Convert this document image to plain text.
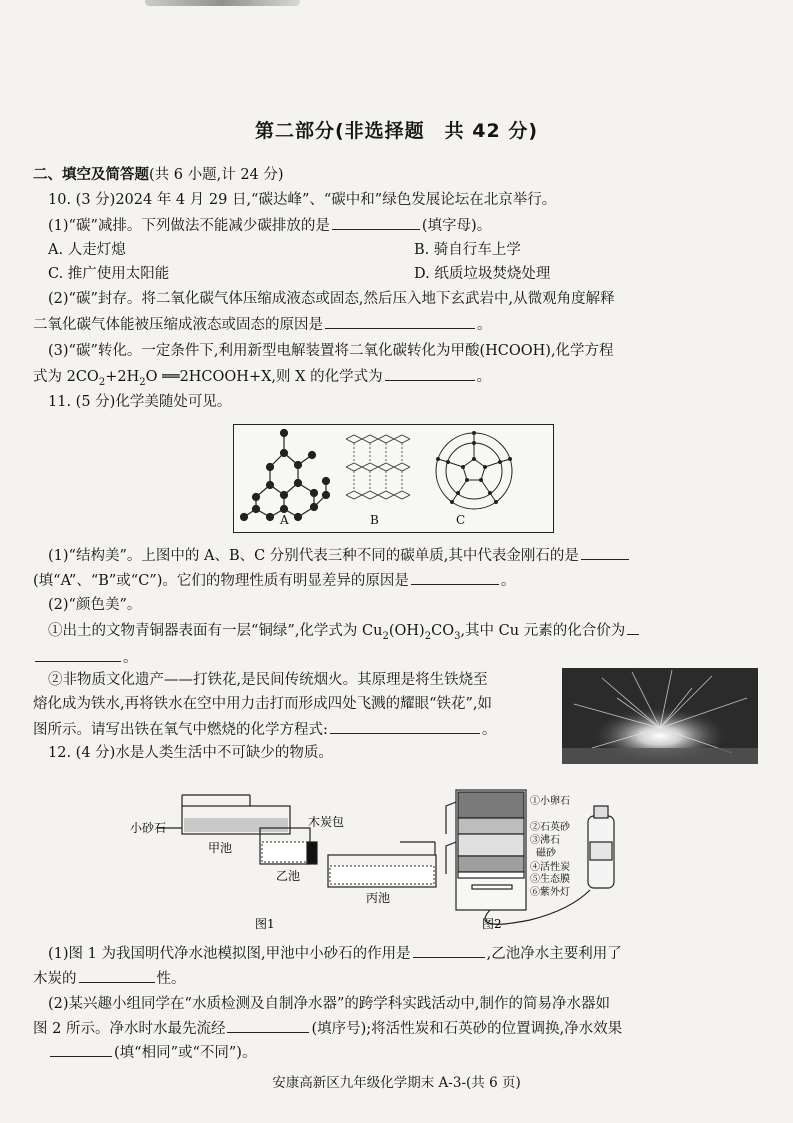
第二部分(非选择题　共 42 分)
二、填空及简答题(共 6 小题,计 24 分)
10. (3 分)2024 年 4 月 29 日,“碳达峰”、“碳中和”绿色发展论坛在北京举行。
(1)“碳”减排。下列做法不能减少碳排放的是	(填字母)。
A. 人走灯熄	B. 骑自行车上学
C. 推广使用太阳能	D. 纸质垃圾焚烧处理
(2)“碳”封存。将二氧化碳气体压缩成液态或固态,然后压入地下玄武岩中,从微观角度解释
二氧化碳气体能被压缩成液态或固态的原因是	。
(3)“碳”转化。一定条件下,利用新型电解装置将二氧化碳转化为甲酸(HCOOH),化学方程
式为 $2CO_2+2H_2O$ ══2HCOOH+X,则 X 的化学式为	。
11. (5 分)化学美随处可见。
A	B	C
(1)“结构美”。上图中的 A、B、C 分别代表三种不同的碳单质,其中代表金刚石的是
(填“A”、“B”或“C”)。它们的物理性质有明显差异的原因是	。
(2)“颜色美”。
①出土的文物青铜器表面有一层“铜绿”,化学式为 $Cu_2(OH)_2CO_3$,其中 Cu 元素的化合价为
。
②非物质文化遗产——打铁花,是民间传统烟火。其原理是将生铁烧至
熔化成为铁水,再将铁水在空中用力击打而形成四处飞溅的耀眼“铁花”,如
图所示。请写出铁在氧气中燃烧的化学方程式:	。
12. (4 分)水是人类生活中不可缺少的物质。
小砂石
甲池
木炭包
乙池
丙池
图1
①小卵石
②石英砂
③沸石
磁砂
④活性炭
⑤生态膜
⑥紫外灯
图2
(1)图 1 为我国明代净水池模拟图,甲池中小砂石的作用是	,乙池净水主要利用了
木炭的	性。
(2)某兴趣小组同学在“水质检测及自制净水器”的跨学科实践活动中,制作的简易净水器如
图 2 所示。净水时水最先流经	(填序号);将活性炭和石英砂的位置调换,净水效果
(填“相同”或“不同”)。
安康高新区九年级化学期末 A-3-(共 6 页)
